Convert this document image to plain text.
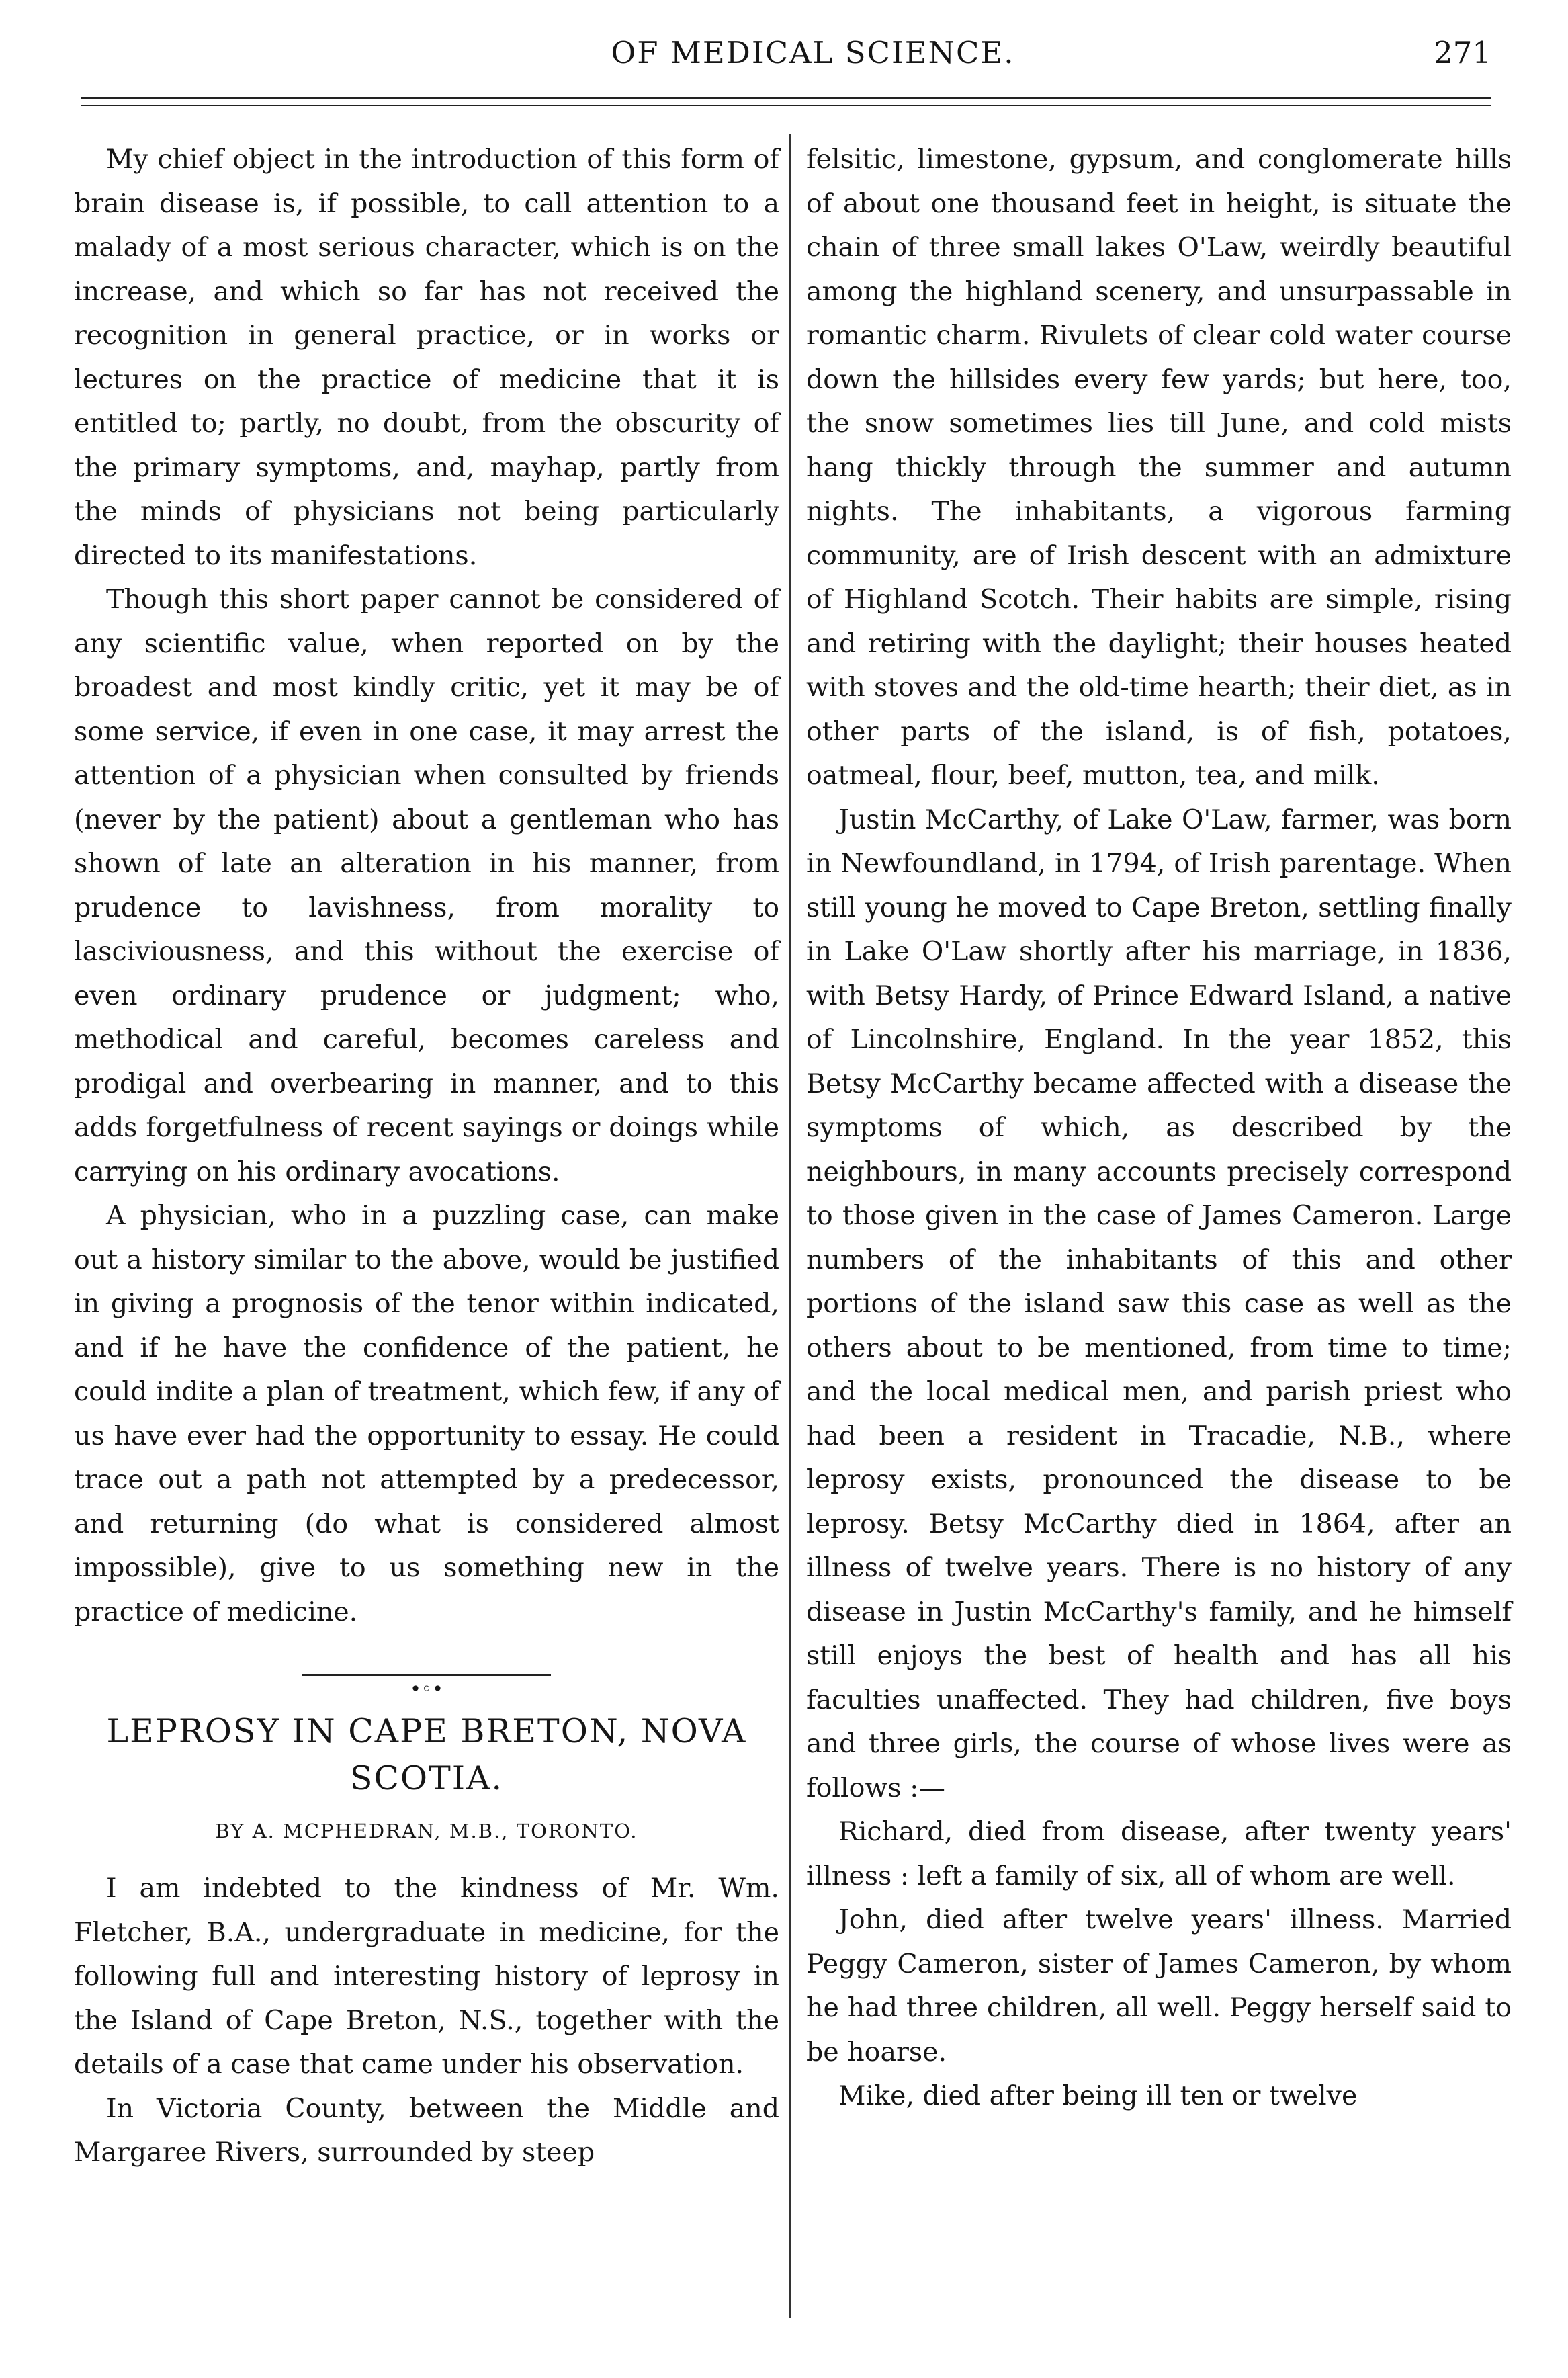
OF MEDICAL SCIENCE.	271

My chief object in the introduction of this form of brain disease is, if possible, to call attention to a malady of a most serious character, which is on the increase, and which so far has not received the recognition in general practice, or in works or lectures on the practice of medicine that it is entitled to; partly, no doubt, from the obscurity of the primary symptoms, and, mayhap, partly from the minds of physicians not being particularly directed to its manifestations.

Though this short paper cannot be considered of any scientific value, when reported on by the broadest and most kindly critic, yet it may be of some service, if even in one case, it may arrest the attention of a physician when consulted by friends (never by the patient) about a gentleman who has shown of late an alteration in his manner, from prudence to lavishness, from morality to lasciviousness, and this without the exercise of even ordinary prudence or judgment; who, methodical and careful, becomes careless and prodigal and overbearing in manner, and to this adds forgetfulness of recent sayings or doings while carrying on his ordinary avocations.

A physician, who in a puzzling case, can make out a history similar to the above, would be justified in giving a prognosis of the tenor within indicated, and if he have the confidence of the patient, he could indite a plan of treatment, which few, if any of us have ever had the opportunity to essay. He could trace out a path not attempted by a predecessor, and returning (do what is considered almost impossible), give to us something new in the practice of medicine.

•◦•
LEPROSY IN CAPE BRETON, NOVA SCOTIA.
BY A. MCPHEDRAN, M.B., TORONTO.

I am indebted to the kindness of Mr. Wm. Fletcher, B.A., undergraduate in medicine, for the following full and interesting history of leprosy in the Island of Cape Breton, N.S., together with the details of a case that came under his observation.

In Victoria County, between the Middle and Margaree Rivers, surrounded by steep

felsitic, limestone, gypsum, and conglomerate hills of about one thousand feet in height, is situate the chain of three small lakes O'Law, weirdly beautiful among the highland scenery, and unsurpassable in romantic charm. Rivulets of clear cold water course down the hillsides every few yards; but here, too, the snow sometimes lies till June, and cold mists hang thickly through the summer and autumn nights. The inhabitants, a vigorous farming community, are of Irish descent with an admixture of Highland Scotch. Their habits are simple, rising and retiring with the daylight; their houses heated with stoves and the old-time hearth; their diet, as in other parts of the island, is of fish, potatoes, oatmeal, flour, beef, mutton, tea, and milk.

Justin McCarthy, of Lake O'Law, farmer, was born in Newfoundland, in 1794, of Irish parentage. When still young he moved to Cape Breton, settling finally in Lake O'Law shortly after his marriage, in 1836, with Betsy Hardy, of Prince Edward Island, a native of Lincolnshire, England. In the year 1852, this Betsy McCarthy became affected with a disease the symptoms of which, as described by the neighbours, in many accounts precisely correspond to those given in the case of James Cameron. Large numbers of the inhabitants of this and other portions of the island saw this case as well as the others about to be mentioned, from time to time; and the local medical men, and parish priest who had been a resident in Tracadie, N.B., where leprosy exists, pronounced the disease to be leprosy. Betsy McCarthy died in 1864, after an illness of twelve years. There is no history of any disease in Justin McCarthy's family, and he himself still enjoys the best of health and has all his faculties unaffected. They had children, five boys and three girls, the course of whose lives were as follows :—

Richard, died from disease, after twenty years' illness : left a family of six, all of whom are well.

John, died after twelve years' illness. Married Peggy Cameron, sister of James Cameron, by whom he had three children, all well. Peggy herself said to be hoarse.

Mike, died after being ill ten or twelve
